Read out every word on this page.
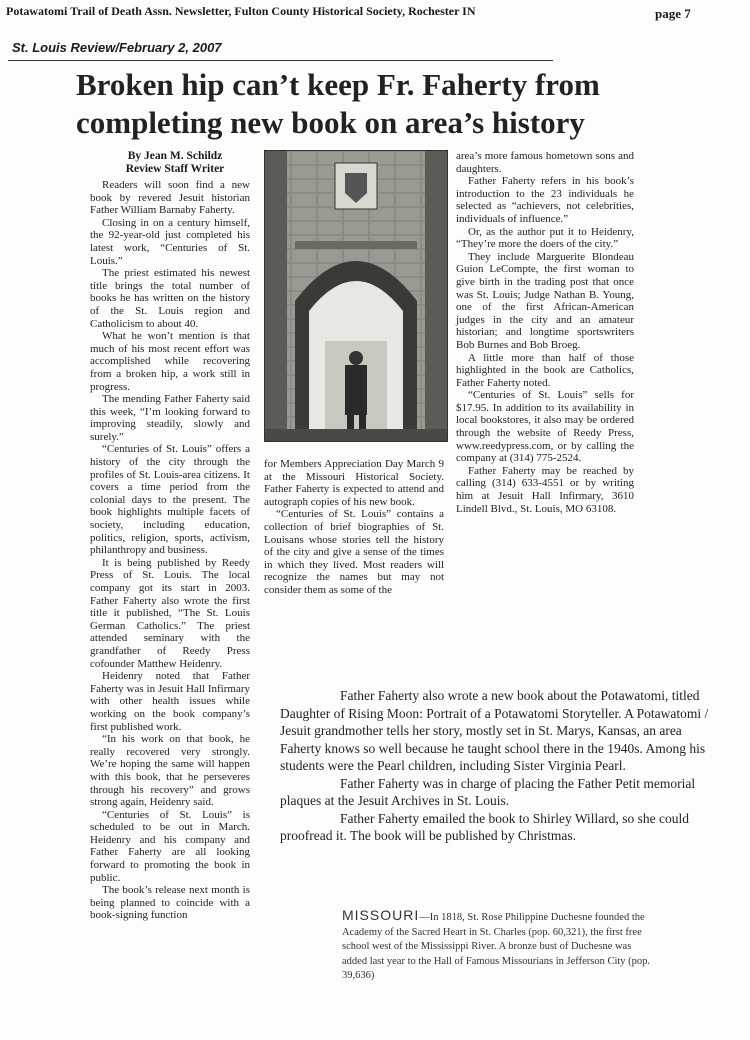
Potawatomi Trail of Death Assn. Newsletter, Fulton County Historical Society, Rochester IN	page 7
St. Louis Review/February 2, 2007
Broken hip can’t keep Fr. Faherty from
completing new book on area’s history
By Jean M. Schildz
Review Staff Writer

Readers will soon find a new book by revered Jesuit historian Father William Barnaby Faherty.

Closing in on a century himself, the 92-year-old just completed his latest work, “Centuries of St. Louis.”

The priest estimated his newest title brings the total number of books he has written on the history of the St. Louis region and Catholicism to about 40.

What he won’t mention is that much of his most recent effort was accomplished while recovering from a broken hip, a work still in progress.

The mending Father Faherty said this week, “I’m looking forward to improving steadily, slowly and surely.”

“Centuries of St. Louis” offers a history of the city through the profiles of St. Louis-area citizens. It covers a time period from the colonial days to the present. The book highlights multiple facets of society, including education, politics, religion, sports, activism, philanthropy and business.

It is being published by Reedy Press of St. Louis. The local company got its start in 2003. Father Faherty also wrote the first title it published, “The St. Louis German Catholics.” The priest attended seminary with the grandfather of Reedy Press cofounder Matthew Heidenry.

Heidenry noted that Father Faherty was in Jesuit Hall Infirmary with other health issues while working on the book company’s first published work.

“In his work on that book, he really recovered very strongly. We’re hoping the same will happen with this book, that he perseveres through his recovery” and grows strong again, Heidenry said.

“Centuries of St. Louis” is scheduled to be out in March. Heidenry and his company and Father Faherty are all looking forward to promoting the book in public.

The book’s release next month is being planned to coincide with a book-signing function

for Members Appreciation Day March 9 at the Missouri Historical Society. Father Faherty is expected to attend and autograph copies of his new book.

“Centuries of St. Louis” contains a collection of brief biographies of St. Louisans whose stories tell the history of the city and give a sense of the times in which they lived. Most readers will recognize the names but may not consider them as some of the

area’s more famous hometown sons and daughters.

Father Faherty refers in his book’s introduction to the 23 individuals he selected as “achievers, not celebrities, individuals of influence.”

Or, as the author put it to Heidenry, “They’re more the doers of the city.”

They include Marguerite Blondeau Guion LeCompte, the first woman to give birth in the trading post that once was St. Louis; Judge Nathan B. Young, one of the first African-American judges in the city and an amateur historian; and longtime sportswriters Bob Burnes and Bob Broeg.

A little more than half of those highlighted in the book are Catholics, Father Faherty noted.

“Centuries of St. Louis” sells for $17.95. In addition to its availability in local bookstores, it also may be ordered through the website of Reedy Press, www.reedypress.com, or by calling the company at (314) 775-2524.

Father Faherty may be reached by calling (314) 633-4551 or by writing him at Jesuit Hall Infirmary, 3610 Lindell Blvd., St. Louis, MO 63108.

Father Faherty also wrote a new book about the Potawatomi, titled Daughter of Rising Moon: Portrait of a Potawatomi Storyteller. A Potawatomi / Jesuit grandmother tells her story, mostly set in St. Marys, Kansas, an area Faherty knows so well because he taught school there in the 1940s. Among his students were the Pearl children, including Sister Virginia Pearl.

Father Faherty was in charge of placing the Father Petit memorial plaques at the Jesuit Archives in St. Louis.

Father Faherty emailed the book to Shirley Willard, so she could proofread it. The book will be published by Christmas.

MISSOURI—In 1818, St. Rose Philippine Duchesne founded the Academy of the Sacred Heart in St. Charles (pop. 60,321), the first free school west of the Mississippi River. A bronze bust of Duchesne was added last year to the Hall of Famous Missourians in Jefferson City (pop. 39,636)
